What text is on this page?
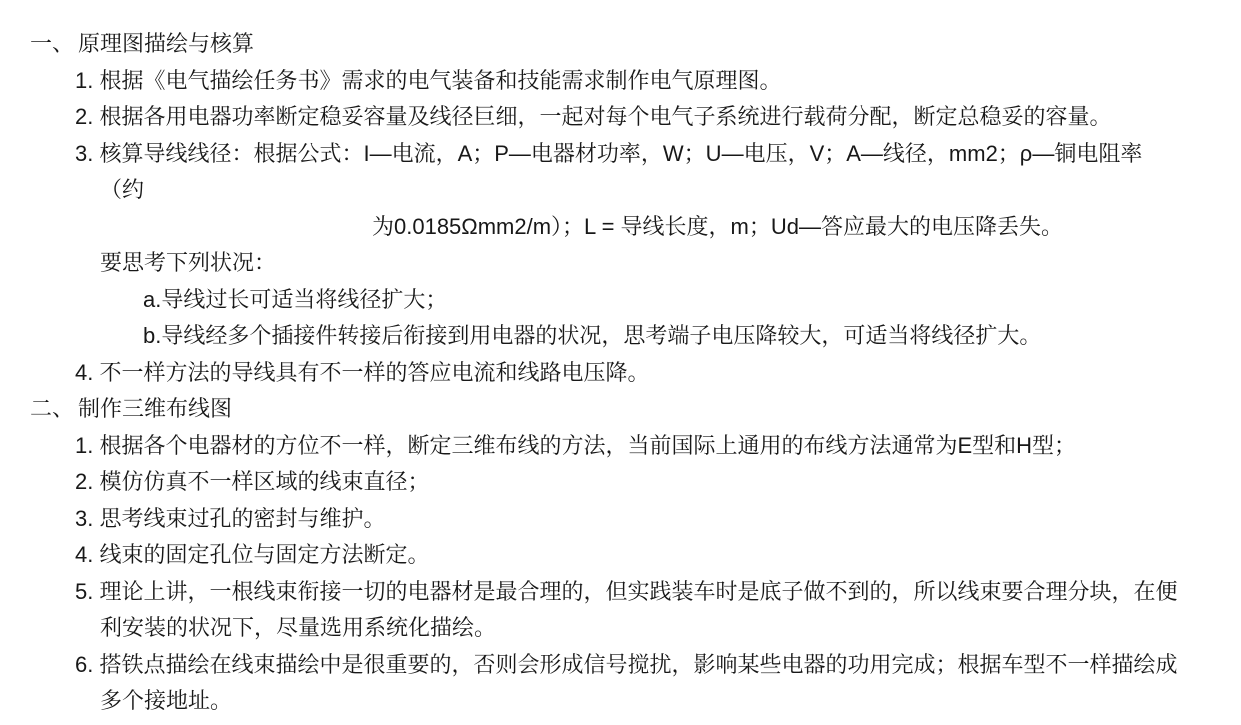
一、 原理图描绘与核算
1. 根据《电气描绘任务书》需求的电气装备和技能需求制作电气原理图。
2. 根据各用电器功率断定稳妥容量及线径巨细，一起对每个电气子系统进行载荷分配，断定总稳妥的容量。
3. 核算导线线径：根据公式：I—电流，A；P—电器材功率，W；U—电压，V；A—线径，mm2；ρ—铜电阻率（约
为0.0185Ωmm2/m）；L = 导线长度，m；Ud—答应最大的电压降丢失。
要思考下列状况：
a.导线过长可适当将线径扩大；
b.导线经多个插接件转接后衔接到用电器的状况，思考端子电压降较大，可适当将线径扩大。
4. 不一样方法的导线具有不一样的答应电流和线路电压降。
二、 制作三维布线图
1. 根据各个电器材的方位不一样，断定三维布线的方法，当前国际上通用的布线方法通常为E型和H型；
2. 模仿仿真不一样区域的线束直径；
3. 思考线束过孔的密封与维护。
4. 线束的固定孔位与固定方法断定。
5. 理论上讲，一根线束衔接一切的电器材是最合理的，但实践装车时是底子做不到的，所以线束要合理分块，在便利安装的状况下，尽量选用系统化描绘。
6. 搭铁点描绘在线束描绘中是很重要的，否则会形成信号搅扰，影响某些电器的功用完成；根据车型不一样描绘成多个接地址。
